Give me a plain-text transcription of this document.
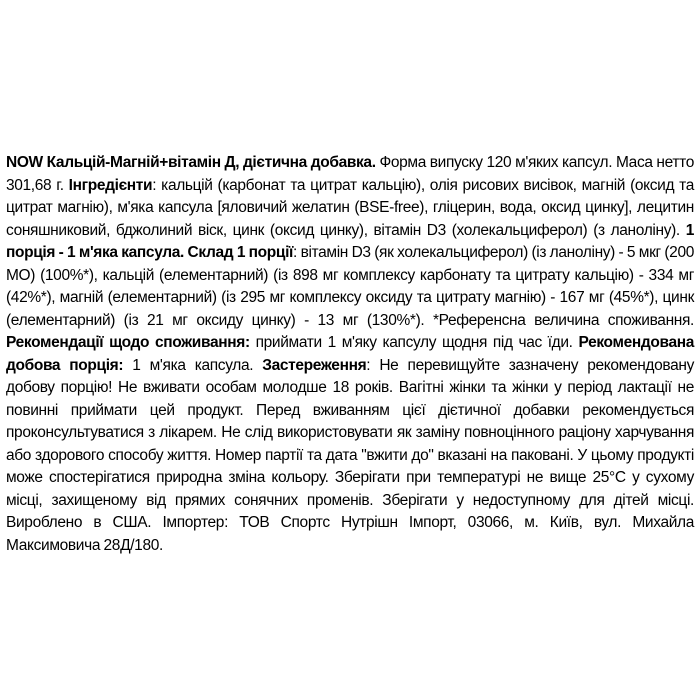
NOW Кальцій-Магній+вітамін Д, дієтична добавка. Форма випуску 120 м'яких капсул. Маса нетто 301,68 г. Інгредієнти: кальцій (карбонат та цитрат кальцію), олія рисових висівок, магній (оксид та цитрат магнію), м'яка капсула [яловичий желатин (BSE-free), гліцерин, вода, оксид цинку], лецитин соняшниковий, бджолиний віск, цинк (оксид цинку), вітамін D3 (холекальциферол) (з ланоліну). 1 порція - 1 м'яка капсула. Склад 1 порції: вітамін D3 (як холекальциферол) (із ланоліну) - 5 мкг (200 МО) (100%*), кальцій (елементарний) (із 898 мг комплексу карбонату та цитрату кальцію) - 334 мг (42%*), магній (елементарний) (із 295 мг комплексу оксиду та цитрату магнію) - 167 мг (45%*), цинк (елементарний) (із 21 мг оксиду цинку) - 13 мг (130%*). *Референсна величина споживання. Рекомендації щодо споживання: приймати 1 м'яку капсулу щодня під час їди. Рекомендована добова порція: 1 м'яка капсула. Застереження: Не перевищуйте зазначену рекомендовану добову порцію! Не вживати особам молодше 18 років. Вагітні жінки та жінки у період лактації не повинні приймати цей продукт. Перед вживанням цієї дієтичної добавки рекомендується проконсультуватися з лікарем. Не слід використовувати як заміну повноцінного раціону харчування або здорового способу життя. Номер партії та дата "вжити до" вказані на паковані. У цьому продукті може спостерігатися природна зміна кольору. Зберігати при температурі не вище 25°C у сухому місці, захищеному від прямих сонячних променів. Зберігати у недоступному для дітей місці. Вироблено в США. Імпортер: ТОВ Спортс Нутрішн Імпорт, 03066, м. Київ, вул. Михайла Максимовича 28Д/180.
